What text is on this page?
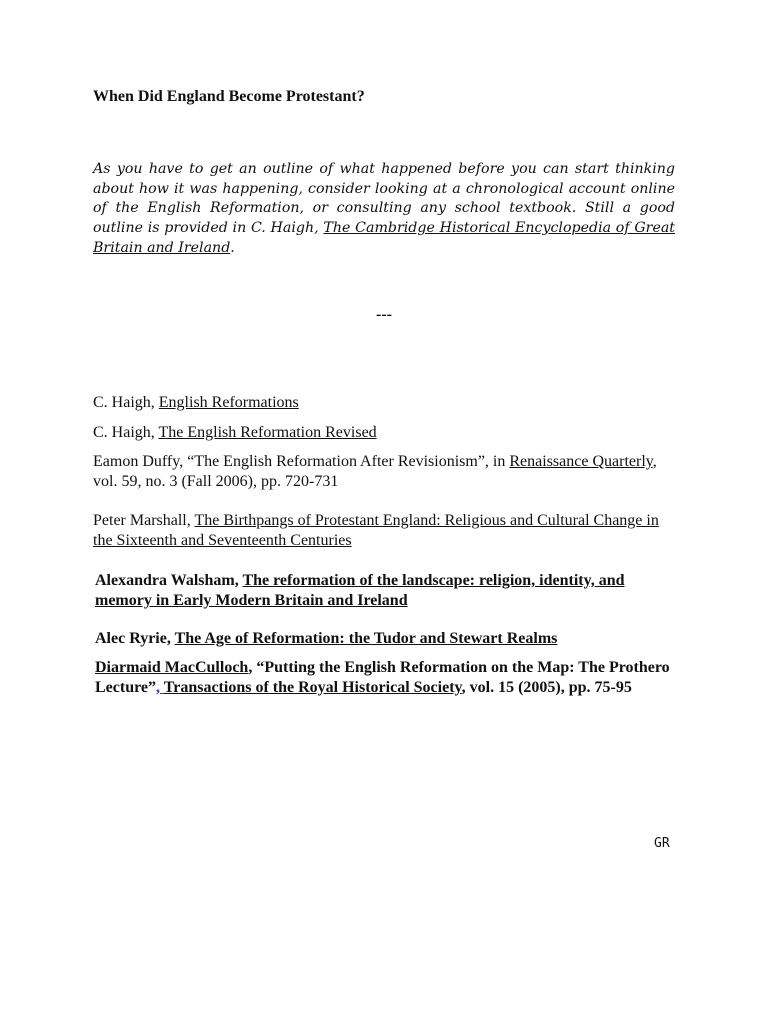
When Did England Become Protestant?
As you have to get an outline of what happened before you can start thinking about how it was happening, consider looking at a chronological account online of the English Reformation, or consulting any school textbook. Still a good outline is provided in C. Haigh, The Cambridge Historical Encyclopedia of Great Britain and Ireland.
---
C. Haigh, English Reformations
C. Haigh, The English Reformation Revised
Eamon Duffy, “The English Reformation After Revisionism”, in Renaissance Quarterly, vol. 59, no. 3 (Fall 2006), pp. 720-731
Peter Marshall, The Birthpangs of Protestant England: Religious and Cultural Change in the Sixteenth and Seventeenth Centuries
Alexandra Walsham, The reformation of the landscape: religion, identity, and memory in Early Modern Britain and Ireland
Alec Ryrie, The Age of Reformation: the Tudor and Stewart Realms
Diarmaid MacCulloch, “Putting the English Reformation on the Map: The Prothero Lecture”, Transactions of the Royal Historical Society, vol. 15 (2005), pp. 75-95
GR
